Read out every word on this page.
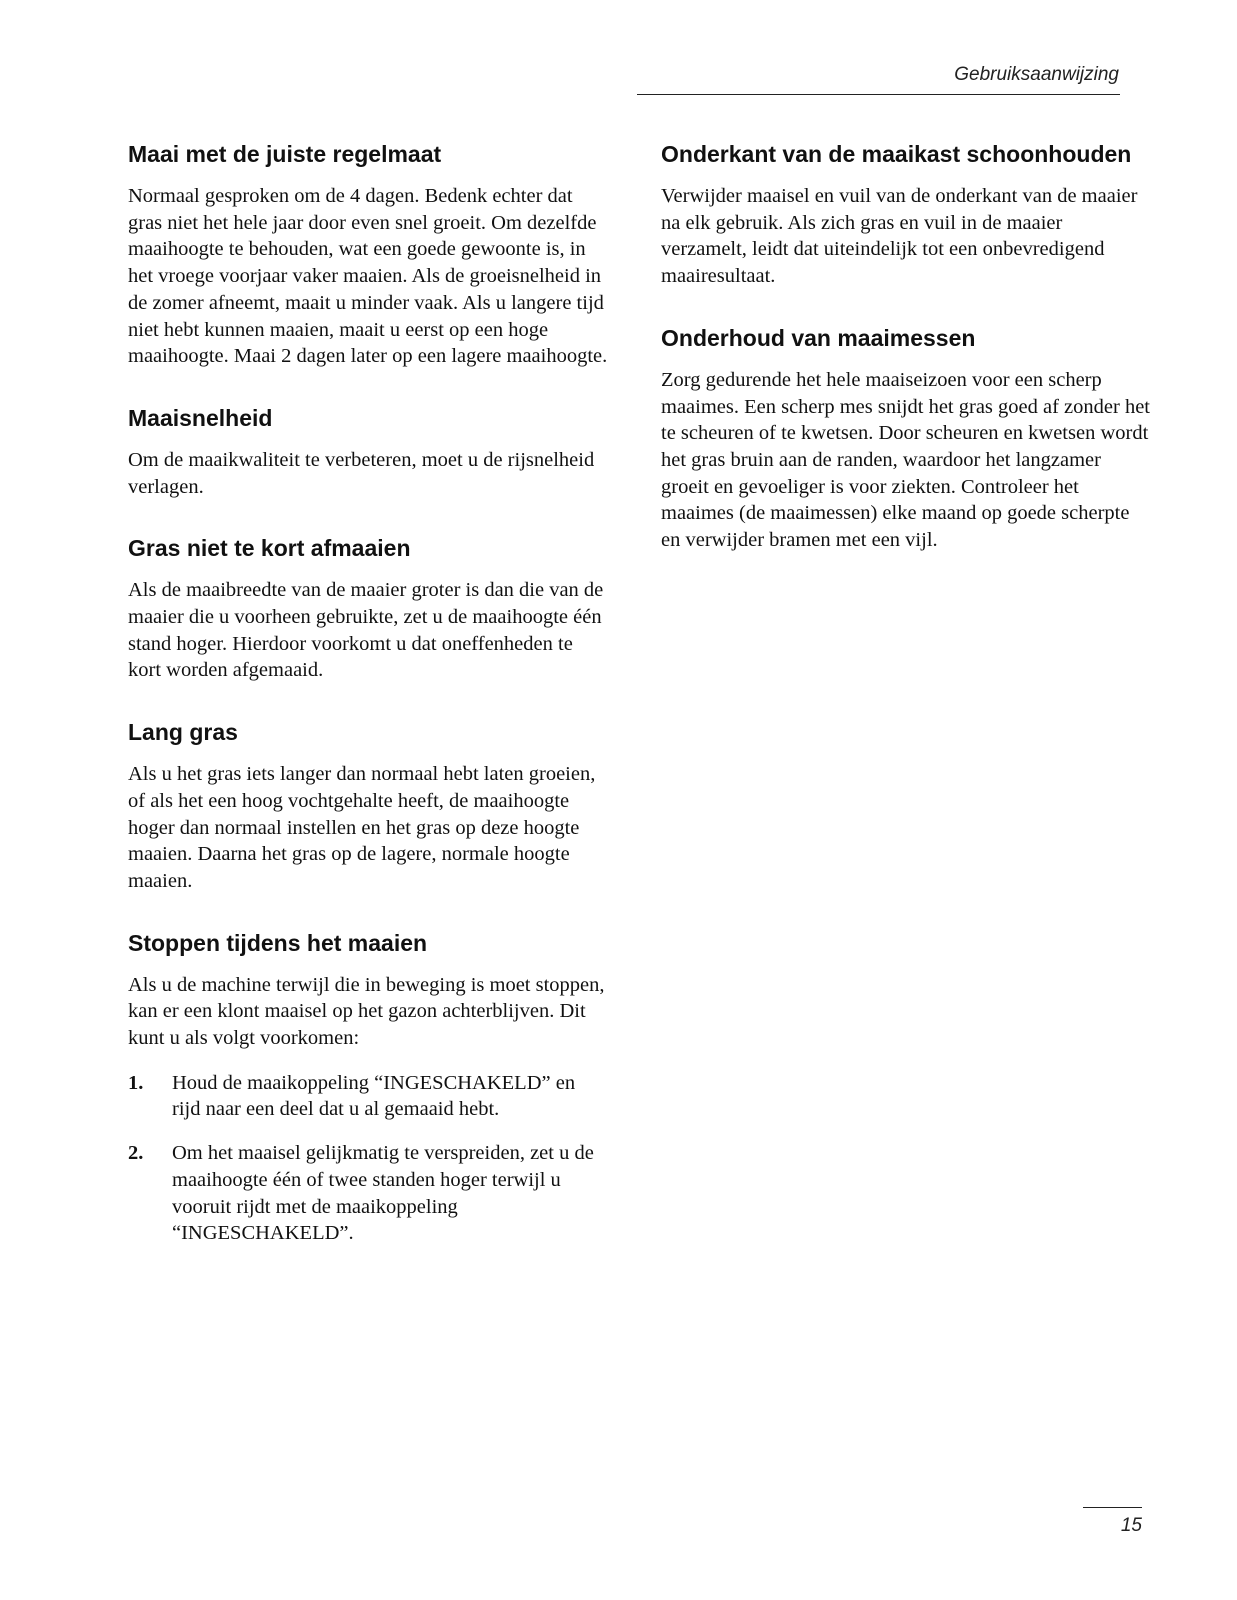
Gebruiksaanwijzing
Maai met de juiste regelmaat

Normaal gesproken om de 4 dagen. Bedenk echter dat gras niet het hele jaar door even snel groeit. Om dezelfde maaihoogte te behouden, wat een goede gewoonte is, in het vroege voorjaar vaker maaien. Als de groeisnelheid in de zomer afneemt, maait u minder vaak. Als u langere tijd niet hebt kunnen maaien, maait u eerst op een hoge maaihoogte. Maai 2 dagen later op een lagere maaihoogte.

Maaisnelheid

Om de maaikwaliteit te verbeteren, moet u de rijsnelheid verlagen.

Gras niet te kort afmaaien

Als de maaibreedte van de maaier groter is dan die van de maaier die u voorheen gebruikte, zet u de maaihoogte één stand hoger. Hierdoor voorkomt u dat oneffenheden te kort worden afgemaaid.

Lang gras

Als u het gras iets langer dan normaal hebt laten groeien, of als het een hoog vochtgehalte heeft, de maaihoogte hoger dan normaal instellen en het gras op deze hoogte maaien. Daarna het gras op de lagere, normale hoogte maaien.

Stoppen tijdens het maaien

Als u de machine terwijl die in beweging is moet stoppen, kan er een klont maaisel op het gazon achterblijven. Dit kunt u als volgt voorkomen:

1.	Houd de maaikoppeling “INGESCHAKELD” en rijd naar een deel dat u al gemaaid hebt.
2.	Om het maaisel gelijkmatig te verspreiden, zet u de maaihoogte één of twee standen hoger terwijl u vooruit rijdt met de maaikoppeling “INGESCHAKELD”.
Onderkant van de maaikast schoonhouden

Verwijder maaisel en vuil van de onderkant van de maaier na elk gebruik. Als zich gras en vuil in de maaier verzamelt, leidt dat uiteindelijk tot een onbevredigend maairesultaat.

Onderhoud van maaimessen

Zorg gedurende het hele maaiseizoen voor een scherp maaimes. Een scherp mes snijdt het gras goed af zonder het te scheuren of te kwetsen. Door scheuren en kwetsen wordt het gras bruin aan de randen, waardoor het langzamer groeit en gevoeliger is voor ziekten. Controleer het maaimes (de maaimessen) elke maand op goede scherpte en verwijder bramen met een vijl.

15
